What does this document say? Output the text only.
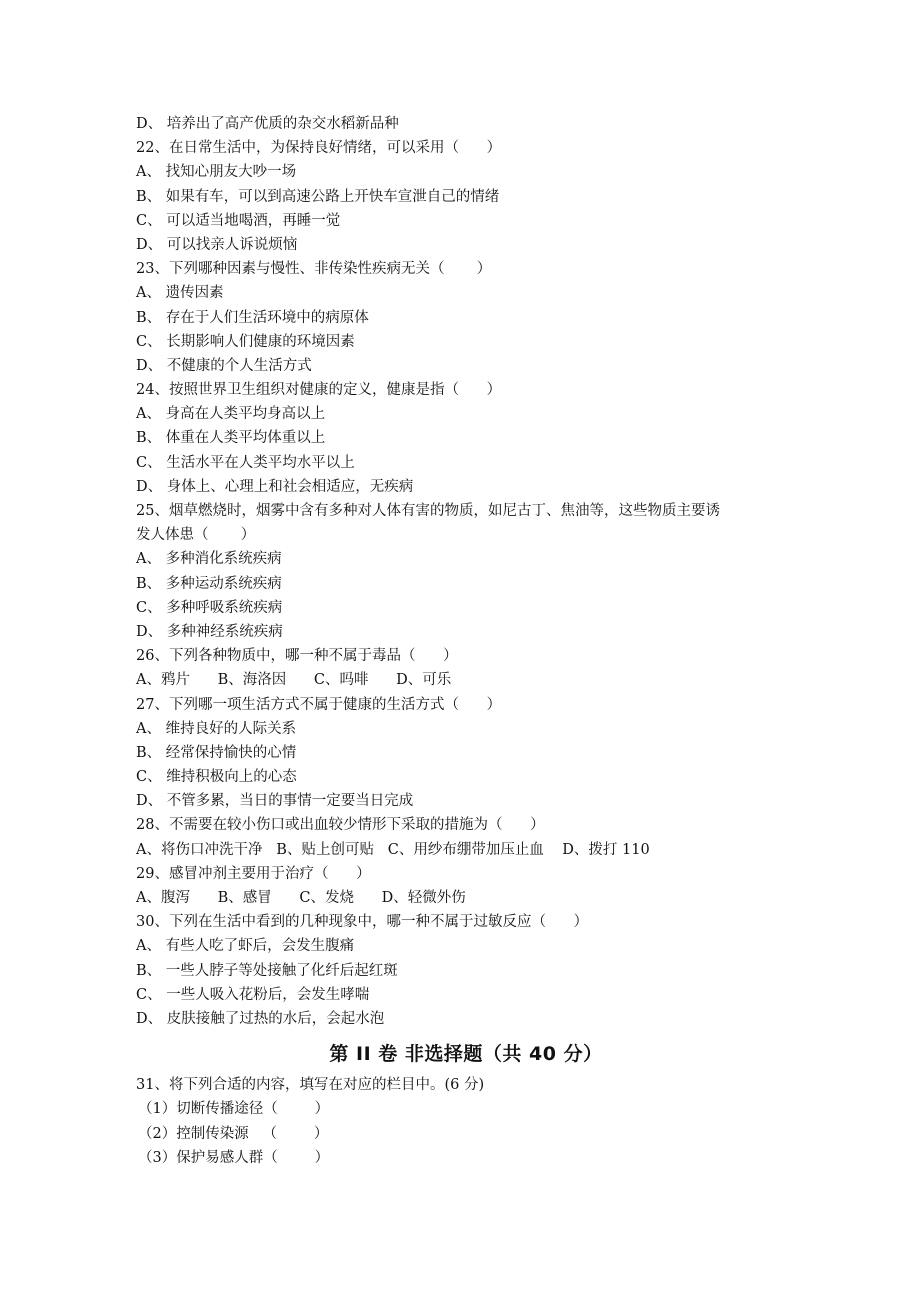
D、 培养出了高产优质的杂交水稻新品种
22、在日常生活中，为保持良好情绪，可以采用（      ）
A、 找知心朋友大吵一场
B、 如果有车，可以到高速公路上开快车宣泄自己的情绪
C、 可以适当地喝酒，再睡一觉
D、 可以找亲人诉说烦恼
23、下列哪种因素与慢性、非传染性疾病无关（       ）
A、 遗传因素
B、 存在于人们生活环境中的病原体
C、 长期影响人们健康的环境因素
D、 不健康的个人生活方式
24、按照世界卫生组织对健康的定义，健康是指（      ）
A、 身高在人类平均身高以上
B、 体重在人类平均体重以上
C、 生活水平在人类平均水平以上
D、 身体上、心理上和社会相适应，无疾病
25、烟草燃烧时，烟雾中含有多种对人体有害的物质，如尼古丁、焦油等，这些物质主要诱
发人体患（       ）
A、 多种消化系统疾病
B、 多种运动系统疾病
C、 多种呼吸系统疾病
D、 多种神经系统疾病
26、下列各种物质中，哪一种不属于毒品（      ）
A、鸦片      B、海洛因      C、吗啡      D、可乐
27、下列哪一项生活方式不属于健康的生活方式（      ）
A、 维持良好的人际关系
B、 经常保持愉快的心情
C、 维持积极向上的心态
D、 不管多累，当日的事情一定要当日完成
28、不需要在较小伤口或出血较少情形下采取的措施为（      ）
A、将伤口冲洗干净   B、贴上创可贴   C、用纱布绷带加压止血    D、拨打 110
29、感冒冲剂主要用于治疗（      ）
A、腹泻      B、感冒      C、发烧      D、轻微外伤
30、下列在生活中看到的几种现象中，哪一种不属于过敏反应（      ）
A、 有些人吃了虾后，会发生腹痛
B、 一些人脖子等处接触了化纤后起红斑
C、 一些人吸入花粉后，会发生哮喘
D、 皮肤接触了过热的水后，会起水泡
第 II 卷 非选择题（共 40 分）
31、将下列合适的内容，填写在对应的栏目中。(6 分)
（1）切断传播途径（        ）
（2）控制传染源   （        ）
（3）保护易感人群（        ）
